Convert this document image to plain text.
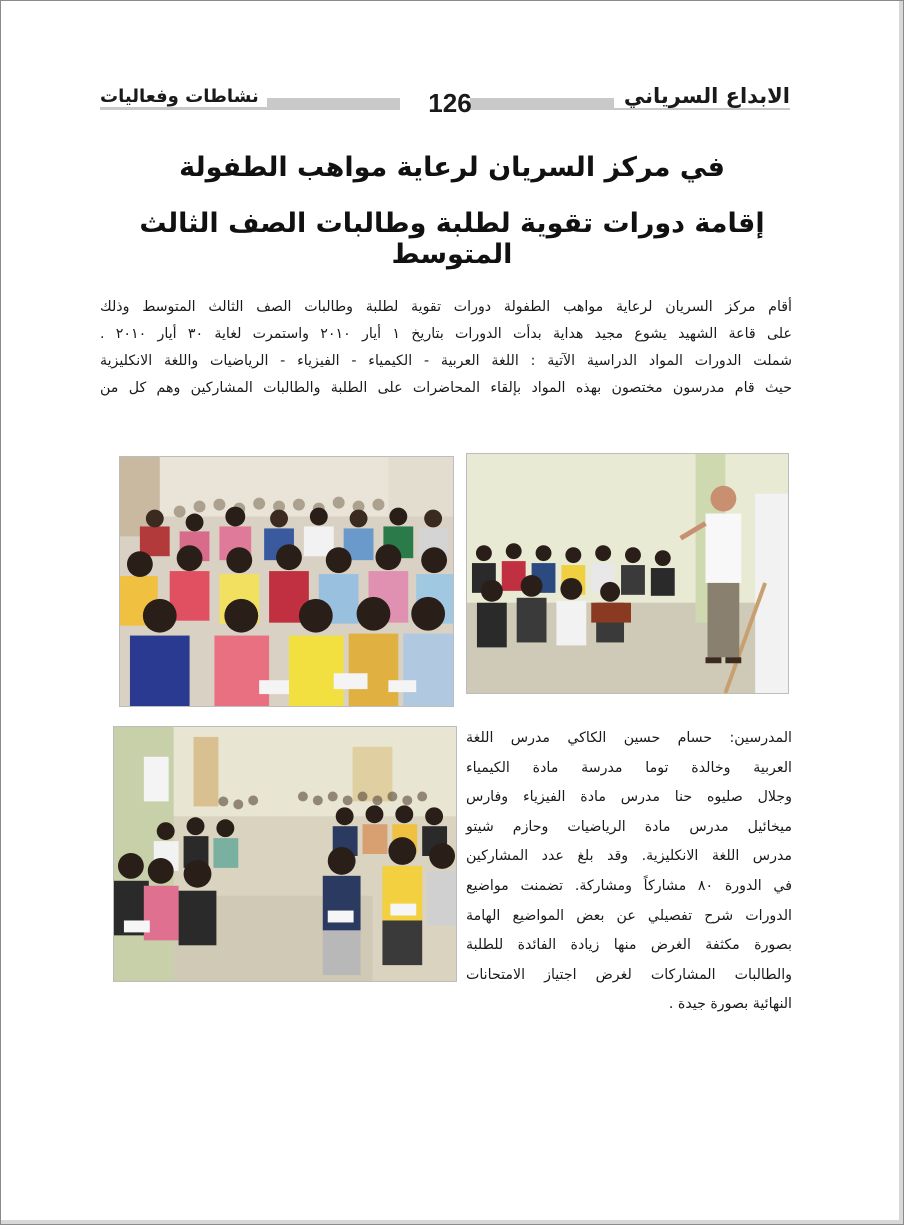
الابداع السرياني
نشاطات وفعاليات	126
في مركز السريان لرعاية مواهب الطفولة
إقامة دورات تقوية لطلبة وطالبات الصف الثالث المتوسط

أقام مركز السريان لرعاية مواهب الطفولة دورات تقوية لطلبة وطالبات الصف الثالث المتوسط وذلك

على قاعة الشهيد يشوع مجيد هداية بدأت الدورات بتاريخ ١ أيار ٢٠١٠ واستمرت لغاية ٣٠ أيار ٢٠١٠ .

شملت الدورات المواد الدراسية الآتية : اللغة العربية - الكيمياء - الفيزياء - الرياضيات واللغة الانكليزية

حيث قام مدرسون مختصون بهذه المواد بإلقاء المحاضرات على الطلبة والطالبات المشاركين وهم كل من

المدرسين: حسام حسين الكاكي مدرس اللغة

العربية وخالدة توما مدرسة مادة الكيمياء

وجلال صليوه حنا مدرس مادة الفيزياء وفارس

ميخائيل مدرس مادة الرياضيات وحازم شيتو

مدرس اللغة الانكليزية. وقد بلغ عدد المشاركين

في الدورة ٨٠ مشاركاً ومشاركة. تضمنت مواضيع

الدورات شرح تفصيلي عن بعض المواضيع الهامة

بصورة مكثفة الغرض منها زيادة الفائدة للطلبة

والطالبات المشاركات لغرض اجتياز الامتحانات

النهائية بصورة جيدة .
